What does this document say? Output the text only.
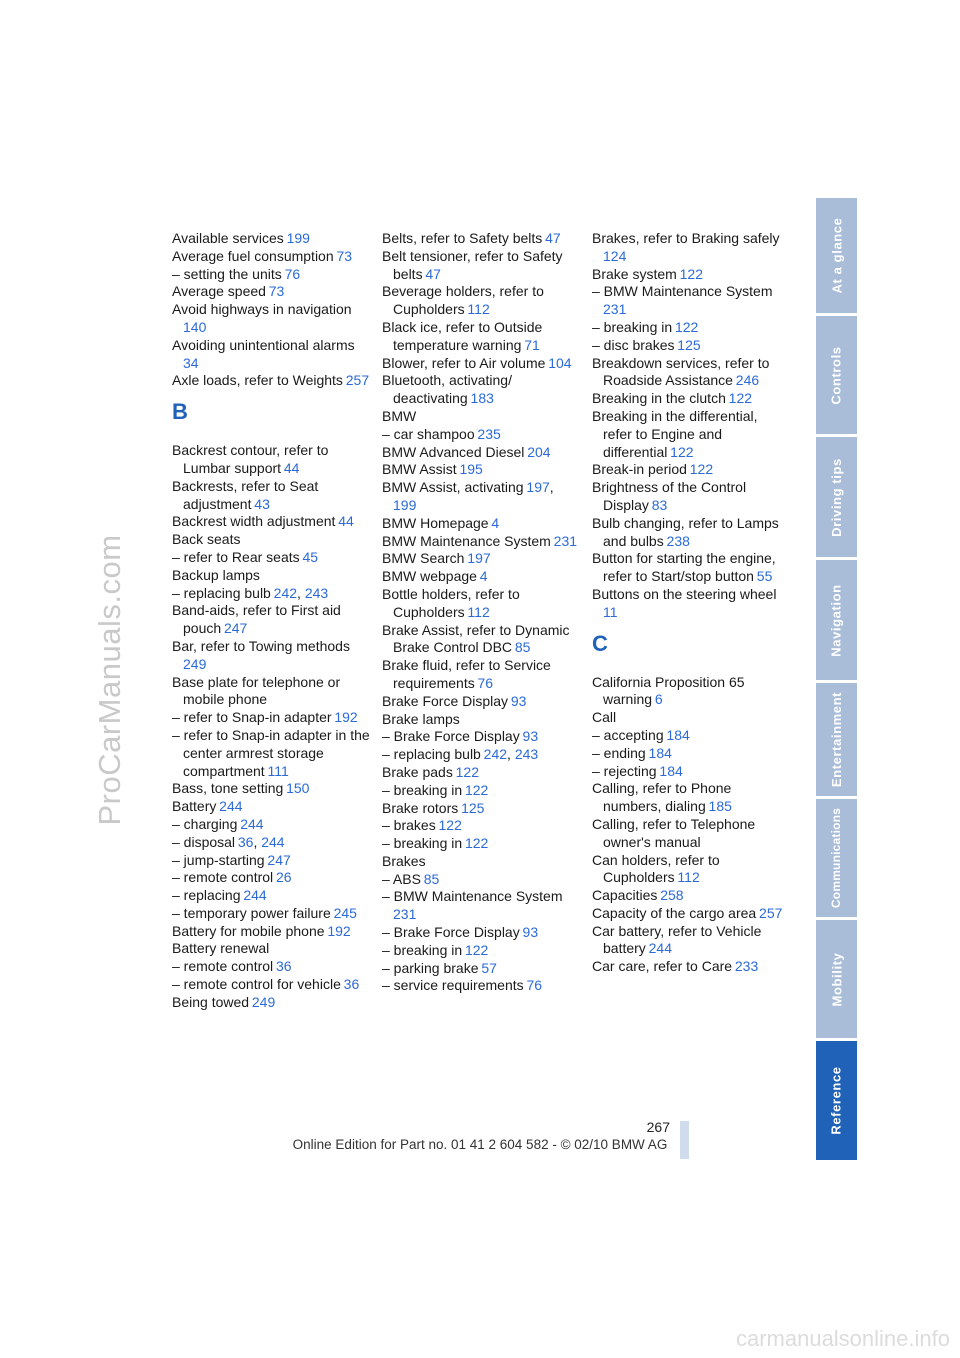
ProCarManuals.com
At a glance
Controls
Driving tips
Navigation
Entertainment
Communications
Mobility
Reference
Available services  199
Average fuel consumption  73
– setting the units  76
Average speed  73
Avoid highways in navigation 140
Avoiding unintentional alarms 34
Axle loads, refer to Weights  257
B
Backrest contour, refer to Lumbar support  44
Backrests, refer to Seat adjustment  43
Backrest width adjustment  44
Back seats
– refer to Rear seats  45
Backup lamps
– replacing bulb  242, 243
Band-aids, refer to First aid pouch  247
Bar, refer to Towing methods 249
Base plate for telephone or mobile phone
– refer to Snap-in adapter  192
– refer to Snap-in adapter in the center armrest storage compartment  111
Bass, tone setting  150
Battery  244
– charging  244
– disposal  36, 244
– jump-starting  247
– remote control  26
– replacing  244
– temporary power failure  245
Battery for mobile phone  192
Battery renewal
– remote control  36
– remote control for vehicle  36
Being towed  249
Belts, refer to Safety belts  47
Belt tensioner, refer to Safety belts  47
Beverage holders, refer to Cupholders  112
Black ice, refer to Outside temperature warning  71
Blower, refer to Air volume  104
Bluetooth, activating/ deactivating  183
BMW
– car shampoo  235
BMW Advanced Diesel  204
BMW Assist  195
BMW Assist, activating  197, 199
BMW Homepage  4
BMW Maintenance System  231
BMW Search  197
BMW webpage  4
Bottle holders, refer to Cupholders  112
Brake Assist, refer to Dynamic Brake Control DBC  85
Brake fluid, refer to Service requirements  76
Brake Force Display  93
Brake lamps
– Brake Force Display  93
– replacing bulb  242, 243
Brake pads  122
– breaking in  122
Brake rotors  125
– brakes  122
– breaking in  122
Brakes
– ABS  85
– BMW Maintenance System 231
– Brake Force Display  93
– breaking in  122
– parking brake  57
– service requirements  76
Brakes, refer to Braking safely 124
Brake system  122
– BMW Maintenance System 231
– breaking in  122
– disc brakes  125
Breakdown services, refer to Roadside Assistance  246
Breaking in the clutch  122
Breaking in the differential, refer to Engine and differential  122
Break-in period  122
Brightness of the Control Display  83
Bulb changing, refer to Lamps and bulbs  238
Button for starting the engine, refer to Start/stop button  55
Buttons on the steering wheel 11
C
California Proposition 65 warning  6
Call
– accepting  184
– ending  184
– rejecting  184
Calling, refer to Phone numbers, dialing  185
Calling, refer to Telephone owner's manual
Can holders, refer to Cupholders  112
Capacities  258
Capacity of the cargo area  257
Car battery, refer to Vehicle battery  244
Car care, refer to Care  233
267
Online Edition for Part no. 01 41 2 604 582 - © 02/10 BMW AG
carmanualsonline.info
